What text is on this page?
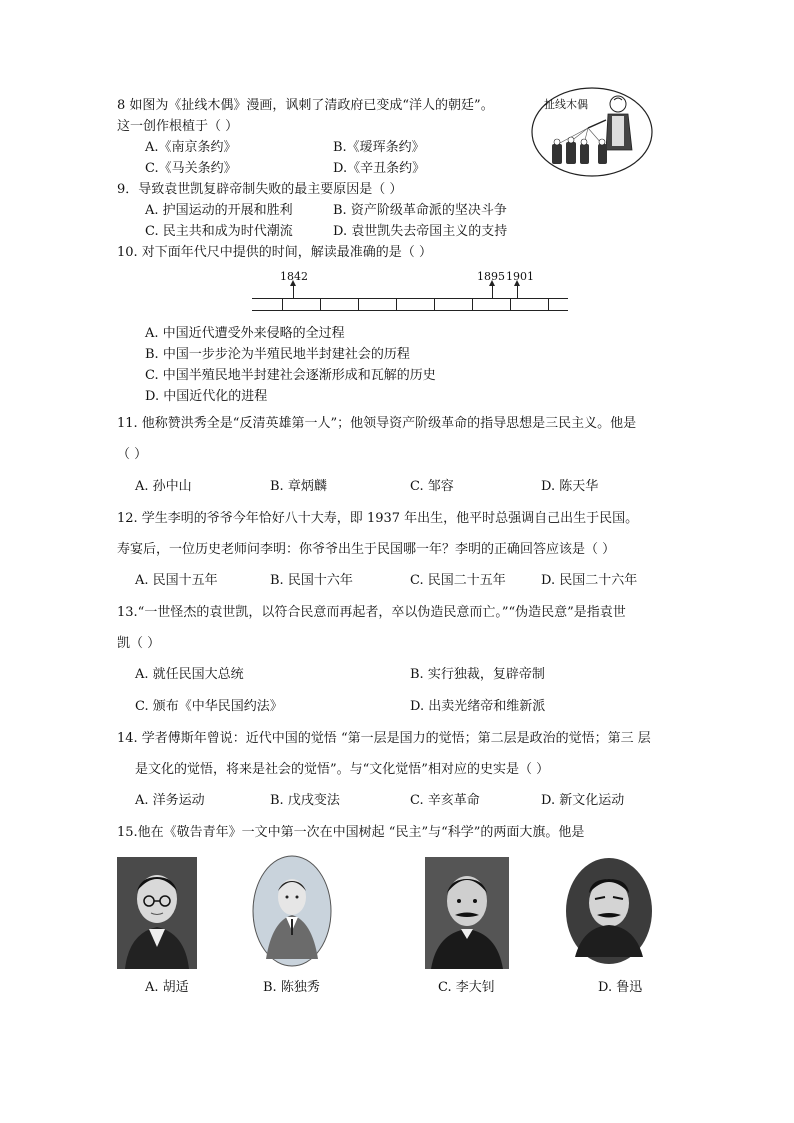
8 如图为《扯线木偶》漫画，讽刺了清政府已变成“洋人的朝廷”。
这一创作根植于（ ）
A.《南京条约》	B.《瑷珲条约》
C.《马关条约》	D.《辛丑条约》
扯线木偶
9．导致袁世凯复辟帝制失败的最主要原因是（ ）
A. 护国运动的开展和胜利	B. 资产阶级革命派的坚决斗争
C. 民主共和成为时代潮流	D. 袁世凯失去帝国主义的支持
10. 对下面年代尺中提供的时间，解读最准确的是（ ）
1842	1895 1901
A. 中国近代遭受外来侵略的全过程
B. 中国一步步沦为半殖民地半封建社会的历程
C. 中国半殖民地半封建社会逐渐形成和瓦解的历史
D. 中国近代化的进程
11. 他称赞洪秀全是“反清英雄第一人”；他领导资产阶级革命的指导思想是三民主义。他是
（ ）
A. 孙中山	B. 章炳麟	C. 邹容	D. 陈天华
12. 学生李明的爷爷今年恰好八十大寿，即 1937 年出生，他平时总强调自己出生于民国。
寿宴后，一位历史老师问李明：你爷爷出生于民国哪一年？李明的正确回答应该是（ ）
A. 民国十五年	B. 民国十六年	C. 民国二十五年	D. 民国二十六年
13.“一世怪杰的袁世凯，以符合民意而再起者，卒以伪造民意而亡。”“伪造民意”是指袁世
凯（ ）
A. 就任民国大总统	B. 实行独裁，复辟帝制
C. 颁布《中华民国约法》	D. 出卖光绪帝和维新派
14. 学者傅斯年曾说：近代中国的觉悟 “第一层是国力的觉悟；第二层是政治的觉悟；第三 层
是文化的觉悟，将来是社会的觉悟”。与“文化觉悟”相对应的史实是（ ）
A. 洋务运动	B. 戊戌变法	C. 辛亥革命	D. 新文化运动
15.他在《敬告青年》一文中第一次在中国树起 “民主”与“科学”的两面大旗。他是
A. 胡适	B. 陈独秀	C. 李大钊	D. 鲁迅
